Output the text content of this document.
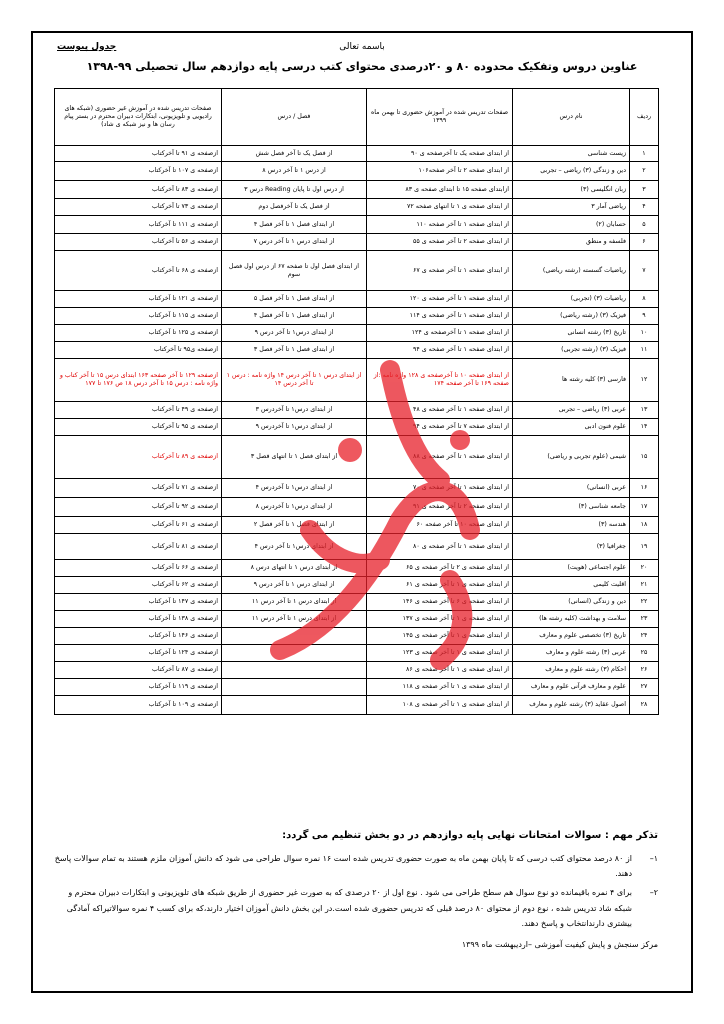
باسمه تعالی
جدول پیوست
عناوین دروس وتفکیک محدوده ۸۰ و ۲۰درصدی محتوای کتب درسی پایه دوازدهم سال تحصیلی ۹۹-۱۳۹۸
ردیف	نام درس	صفحات تدریس شده در آموزش حضوری تا بهمن ماه ۱۳۹۹	فصل / درس	صفحات تدریس شده در آموزش غیر حضوری (شبکه های رادیویی و تلویزیونی، ابتکارات دبیران محترم در بستر پیام رسان ها و نیز شبکه ی شاد)
۱	زیست شناسی	از ابتدای صفحه یک تا آخرصفحه ی ۹۰	از فصل یک تا آخر فصل شش	ازصفحه ی ۹۱ تا آخرکتاب
۲	دین و زندگی (۳) ریاضی – تجربی	از ابتدای صفحه ۲ تا آخر صفحه۱۰۶	از درس ۱ تا آخر درس ۸	ازصفحه ی ۱۰۷ تا آخرکتاب
۳	زبان انگلیسی (۳)	ازابتدای صفحه ۱۵ تا ابتدای صفحه ی ۸۳	از درس اول تا پایان Reading درس ۳	ازصفحه ی ۸۳ تا آخرکتاب
۴	ریاضی آمار ۳	از ابتدای صفحه ی ۱ تا انتهای صفحه ۷۲	از فصل یک تا آخرفصل دوم	ازصفحه ی ۷۳ تا آخرکتاب
۵	حسابان (۲)	از ابتدای صفحه ۱ تا آخر صفحه ۱۱۰	از ابتدای فصل ۱ تا آخر فصل ۴	ازصفحه ی ۱۱۱ تا آخرکتاب
۶	فلسفه و منطق	از ابتدای صفحه ۲ تا آخر صفحه ی ۵۵	از ابتدای درس ۱ تا آخر درس ۷	ازصفحه ی ۵۶ تا آخرکتاب
۷	ریاضیات گسسته (رشته ریاضی)	از ابتدای صفحه ۱ تا آخر صفحه ی ۶۷	از ابتدای فصل اول تا صفحه ۶۷ از درس اول فصل سوم	ازصفحه ی ۶۸ تا آخرکتاب
۸	ریاضیات (۳) (تجربی)	از ابتدای صفحه ۱ تا آخر صفحه ی ۱۲۰	از ابتدای فصل ۱ تا آخر فصل ۵	ازصفحه ی ۱۲۱ تا آخرکتاب
۹	فیزیک (۳) (رشته ریاضی)	از ابتدای صفحه ۱ تا آخر صفحه ی ۱۱۴	از ابتدای فصل ۱ تا آخر فصل ۴	ازصفحه ی ۱۱۵ تا آخرکتاب
۱۰	تاریخ (۳) رشته انسانی	از ابتدای صفحه ۱ تا آخرصفحه ی ۱۲۴	از ابتدای درس۱ تا آخر درس ۹	ازصفحه ی ۱۲۵ تا آخرکتاب
۱۱	فیزیک (۳) (رشته تجربی)	از ابتدای صفحه ۱ تا آخر صفحه ی ۹۴	از ابتدای فصل ۱ تا آخر فصل ۳	ازصفحه ی۹۵ تا آخرکتاب
۱۲	فارسی (۳) کلیه رشته ها	از ابتدای صفحه ۱۰ تا آخرصفحه ی ۱۲۸ واژه نامه :از صفحه ۱۶۹ تا آخر صفحه ۱۷۴	از ابتدای درس ۱ تا آخر درس ۱۴ واژه نامه : درس ۱ تا آخر درس ۱۴	ازصفحه ۱۲۹ تا آخر صفحه ۱۶۳ ابتدای درس ۱۵ تا آخر کتاب و واژه نامه : درس ۱۵ تا آخر درس ۱۸ ص ۱۷۶ تا ۱۷۷
۱۳	عربی (۳) ریاضی – تجربی	از ابتدای صفحه ۱ تا آخر صفحه ی ۴۸	از ابتدای درس۱ تا آخردرس ۳	ازصفحه ی ۴۹ تا آخرکتاب
۱۴	علوم فنون ادبی	از ابتدای صفحه ۷ تا آخر صفحه ی ۹۴	از ابتدای درس۱ تا آخردرس ۹	ازصفحه ی ۹۵ تا آخرکتاب
۱۵	شیمی (علوم تجربی و ریاضی)	از ابتدای صفحه ۱ تا آخر صفحه ی ۸۸	از ابتدای فصل ۱ تا انتهای فصل ۳	ازصفحه ی ۸۹ تا آخرکتاب
۱۶	عربی (انسانی)	از ابتدای صفحه ۱ تا آخر صفحه ی ۷۰	از ابتدای درس۱ تا آخردرس ۴	ازصفحه ی ۷۱ تا آخرکتاب
۱۷	جامعه شناسی (۳)	از ابتدای صفحه ۲ تا آخر صفحه ی ۹۱	از ابتدای درس۱ تا آخردرس ۸	ازصفحه ی ۹۲ تا آخرکتاب
۱۸	هندسه (۳)	از ابتدای صفحه ۱۰ تا آخر صفحه ۶۰	از ابتدای فصل ۱ تا آخر فصل ۲	ازصفحه ی ۶۱ تا آخرکتاب
۱۹	جغرافیا (۳)	از ابتدای صفحه ۱ تا آخر صفحه ی ۸۰	از ابتدای درس۱ تا آخر درس ۴	ازصفحه ی ۸۱ تا آخرکتاب
۲۰	علوم اجتماعی (هویت)	از ابتدای صفحه ی ۲ تا آخر صفحه ی ۶۵	از ابتدای درس ۱ تا انتهای درس ۸	ازصفحه ی ۶۶ تا آخرکتاب
۲۱	اقلیت کلیمی	از ابتدای صفحه ی ۱ تا آخر صفحه ی ۶۱	از ابتدای درس ۱ تا آخر درس ۹	ازصفحه ی ۶۲ تا آخرکتاب
۲۲	دین و زندگی (انسانی)	از ابتدای صفحه ی ۶ تا آخر صفحه ی ۱۴۶	از ابتدای درس ۱ تا آخر درس ۱۱	ازصفحه ی ۱۴۷ تا آخرکتاب
۲۳	سلامت و بهداشت (کلیه رشته ها)	از ابتدای صفحه ی ۱ تا آخر صفحه ی ۱۳۷	از ابتدای درس ۱ تا آخر درس ۱۱	ازصفحه ی ۱۳۸ تا آخرکتاب
۲۴	تاریخ (۳) تخصصی علوم و معارف	از ابتدای صفحه ی ۱ تا آخر صفحه ی ۱۴۵		ازصفحه ی ۱۴۶ تا آخرکتاب
۲۵	عربی (۳) رشته علوم و معارف	از ابتدای صفحه ی ۱ تا آخر صفحه ی ۱۲۳		ازصفحه ی ۱۲۴ تا آخرکتاب
۲۶	احکام (۳) رشته علوم و معارف	از ابتدای صفحه ی ۱ تا آخر صفحه ی ۸۶		ازصفحه ی ۸۷ تا آخرکتاب
۲۷	علوم و معارف قرآنی علوم و معارف	از ابتدای صفحه ی ۱ تا آخر صفحه ی ۱۱۸		ازصفحه ی ۱۱۹ تا آخرکتاب
۲۸	اصول عقاید (۳) رشته علوم و معارف	از ابتدای صفحه ی ۱ تا آخر صفحه ی ۱۰۸		ازصفحه ی ۱۰۹ تا آخرکتاب
تذکر مهم : سوالات امتحانات نهایی پایه دوازدهم در دو بخش تنظیم می گردد:
۱–
از ۸۰ درصد محتوای کتب درسی که تا پایان بهمن ماه به صورت حضوری تدریس شده است ۱۶ نمره سوال طراحی می شود که دانش آموزان ملزم هستند به تمام سوالات پاسخ دهند.
۲–
برای ۴ نمره باقیمانده دو نوع سوال هم سطح طراحی می شود . نوع اول از ۲۰ درصدی که به صورت غیر حضوری از طریق شبکه های تلویزیونی و ابتکارات دبیران محترم و شبکه شاد تدریس شده ، نوع دوم از محتوای ۸۰ درصد قبلی که تدریس حضوری شده است.در این بخش دانش آموزان اختیار دارند،که برای کسب ۴ نمره سوالاتیراکه آمادگی بیشتری دارندانتخاب و پاسخ دهند.
مرکز سنجش و پایش کیفیت آموزشی –اردیبهشت ماه ۱۳۹۹
